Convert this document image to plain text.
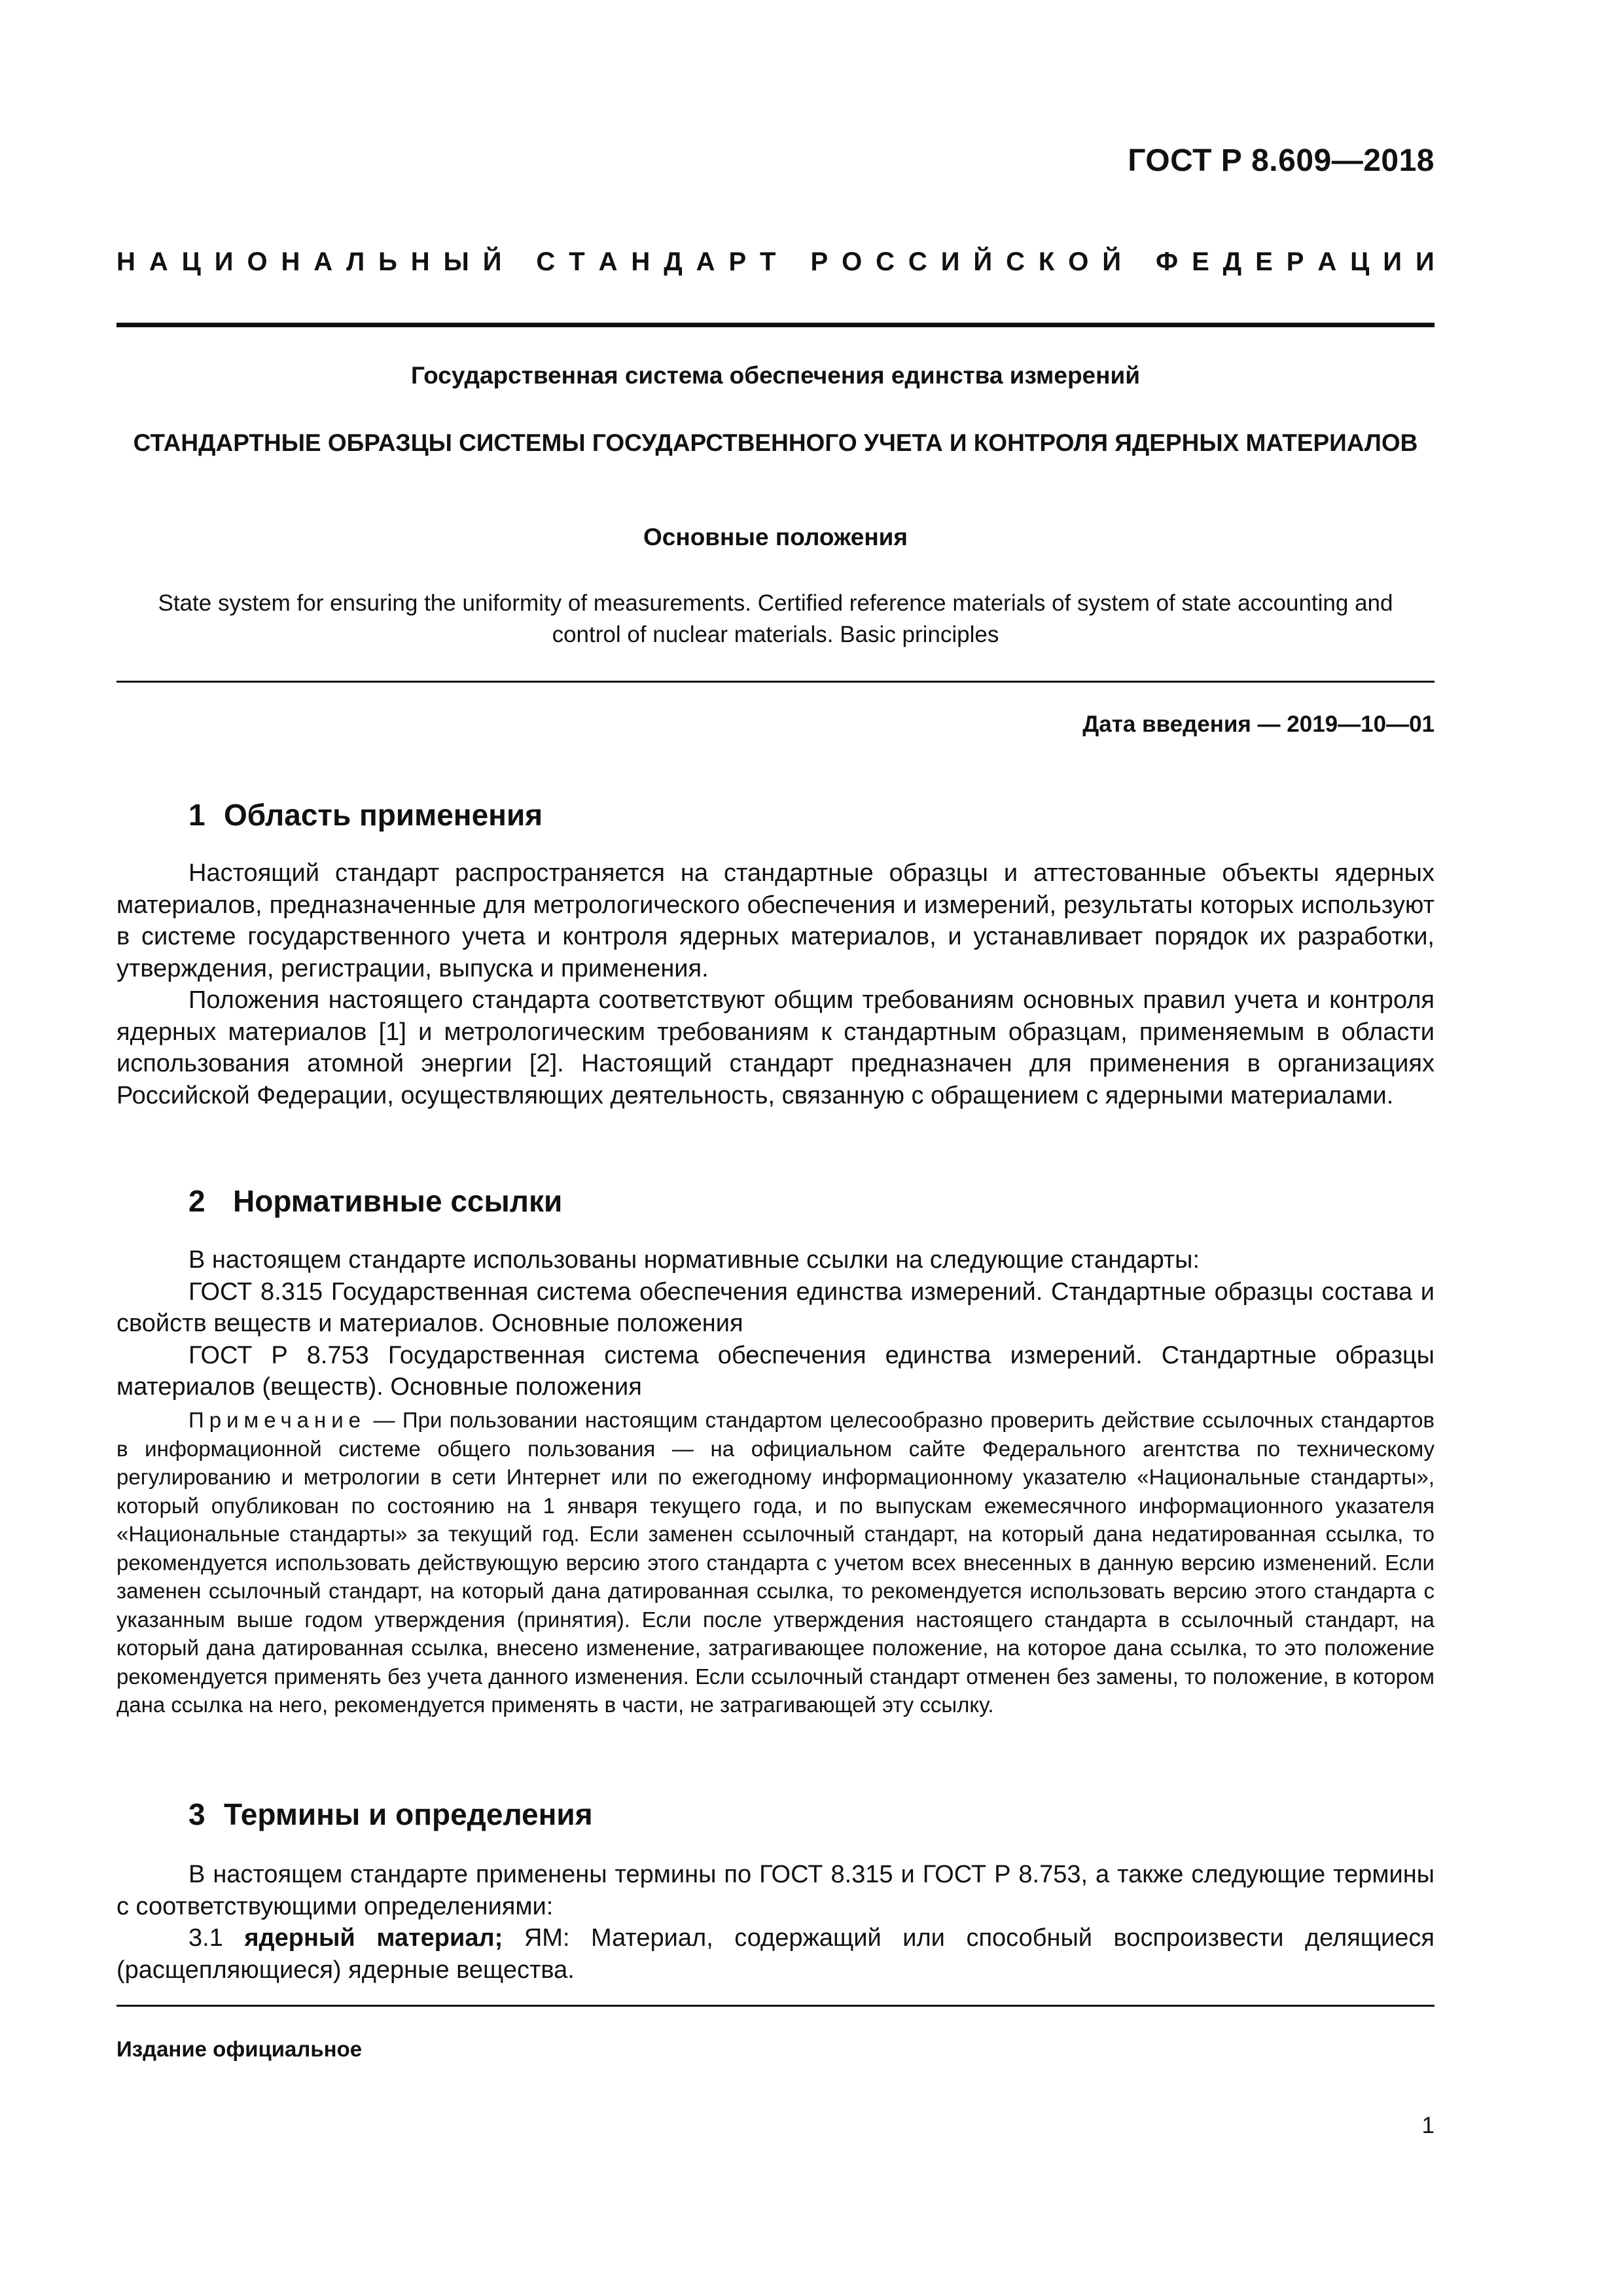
ГОСТ Р 8.609—2018
Н А Ц И О Н А Л Ь Н Ы Й
С Т А Н Д А Р Т
Р О С С И Й С К О Й
Ф Е Д Е Р А Ц И И
Государственная система обеспечения единства измерений
СТАНДАРТНЫЕ ОБРАЗЦЫ СИСТЕМЫ ГОСУДАРСТВЕННОГО УЧЕТА И КОНТРОЛЯ ЯДЕРНЫХ МАТЕРИАЛОВ
Основные положения
State system for ensuring the uniformity of measurements. Certified reference materials of system of state accounting and control of nuclear materials. Basic principles
Дата введения — 2019—10—01
1 Область применения

Настоящий стандарт распространяется на стандартные образцы и аттестованные объекты ядерных материалов, предназначенные для метрологического обеспечения и измерений, результаты которых используют в системе государственного учета и контроля ядерных материалов, и устанавливает порядок их разработки, утверждения, регистрации, выпуска и применения.

Положения настоящего стандарта соответствуют общим требованиям основных правил учета и контроля ядерных материалов [1] и метрологическим требованиям к стандартным образцам, применяемым в области использования атомной энергии [2]. Настоящий стандарт предназначен для применения в организациях Российской Федерации, осуществляющих деятельность, связанную с обращением с ядерными материалами.

2 Нормативные ссылки

В настоящем стандарте использованы нормативные ссылки на следующие стандарты:

ГОСТ 8.315 Государственная система обеспечения единства измерений. Стандартные образцы состава и свойств веществ и материалов. Основные положения

ГОСТ Р 8.753 Государственная система обеспечения единства измерений. Стандартные образцы материалов (веществ). Основные положения

Примечание — При пользовании настоящим стандартом целесообразно проверить действие ссылочных стандартов в информационной системе общего пользования — на официальном сайте Федерального агентства по техническому регулированию и метрологии в сети Интернет или по ежегодному информационному указателю «Национальные стандарты», который опубликован по состоянию на 1 января текущего года, и по выпускам ежемесячного информационного указателя «Национальные стандарты» за текущий год. Если заменен ссылочный стандарт, на который дана недатированная ссылка, то рекомендуется использовать действующую версию этого стандарта с учетом всех внесенных в данную версию изменений. Если заменен ссылочный стандарт, на который дана датированная ссылка, то рекомендуется использовать версию этого стандарта с указанным выше годом утверждения (принятия). Если после утверждения настоящего стандарта в ссылочный стандарт, на который дана датированная ссылка, внесено изменение, затрагивающее положение, на которое дана ссылка, то это положение рекомендуется применять без учета данного изменения. Если ссылочный стандарт отменен без замены, то положение, в котором дана ссылка на него, рекомендуется применять в части, не затрагивающей эту ссылку.
3 Термины и определения

В настоящем стандарте применены термины по ГОСТ 8.315 и ГОСТ Р 8.753, а также следующие термины с соответствующими определениями:

3.1 ядерный материал; ЯМ: Материал, содержащий или способный воспроизвести делящиеся (расщепляющиеся) ядерные вещества.

Издание официальное
1
